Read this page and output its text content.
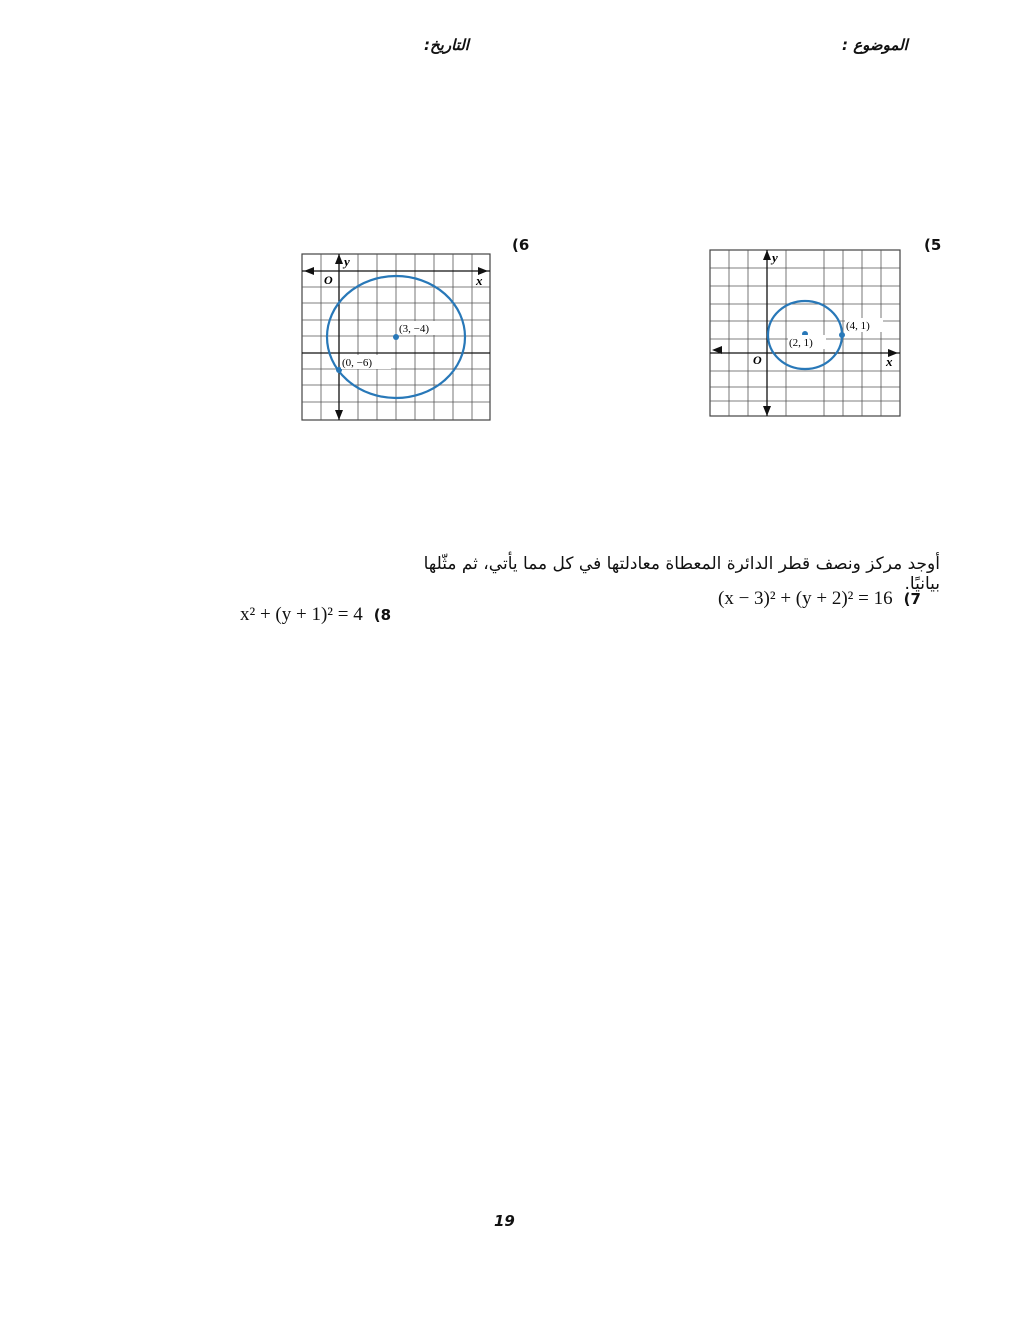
الموضوع :
التاريخ:
(5
(6
y
x
O
(2, 1)
(4, 1)
y
x
O
(3, −4)
(0, −6)
أوجد مركز ونصف قطر الدائرة المعطاة معادلتها في كل مما يأتي، ثم مثّلها بيانيًا.
(x − 3)² + (y + 2)² = 16 (7
x² + (y + 1)² = 4 (8
19
